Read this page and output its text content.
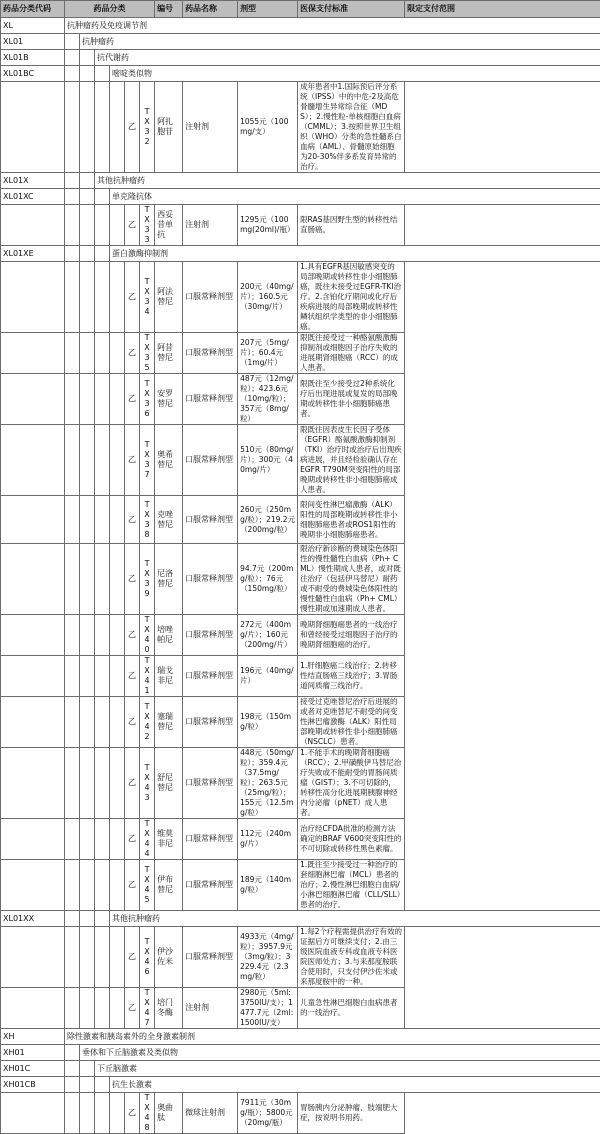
药品分类代码	药品分类						编号	药品名称	剂型	医保支付标准	限定支付范围
XL	抗肿瘤药及免疫调节剂										
XL01		抗肿瘤药									
XL01B			抗代谢药								
XL01BC				嘧啶类似物							
					乙	TX32	阿扎胞苷	注射剂	1055元（100mg/支）	成年患者中1.国际预后评分系统（IPSS）中的中危-2及高危骨髓增生异常综合征（MDS）；2.慢性粒-单核细胞白血病（CMML）；3.按照世界卫生组织（WHO）分类的急性髓系白血病（AML）、骨髓原始细胞为20-30%伴多系发育异常的治疗。	
XL01X			其他抗肿瘤药								
XL01XC				单克隆抗体							
					乙	TX33	西妥昔单抗	注射剂	1295元（100mg(20ml)/瓶）	限RAS基因野生型的转移性结直肠癌。	
XL01XE				蛋白激酶抑制剂							
					乙	TX34	阿法替尼	口服常释剂型	200元（40mg/片）；160.5元（30mg/片）	1.具有EGFR基因敏感突变的局部晚期或转移性非小细胞肺癌，既往未接受过EGFR-TKI治疗。2.含铂化疗期间或化疗后疾病进展的局部晚期或转移性鳞状组织学类型的非小细胞肺癌。	
					乙	TX35	阿昔替尼	口服常释剂型	207元（5mg/片）；60.4元（1mg/片）	限既往接受过一种酪氨酸激酶抑制剂或细胞因子治疗失败的进展期肾细胞癌（RCC）的成人患者。	
					乙	TX36	安罗替尼	口服常释剂型	487元（12mg/粒）；423.6元（10mg/粒）；357元（8mg/粒）	限既往至少接受过2种系统化疗后出现进展或复发的局部晚期或转移性非小细胞肺癌患者。	
					乙	TX37	奥希替尼	口服常释剂型	510元（80mg/片）；300元（40mg/片）	限既往因表皮生长因子受体（EGFR）酪氨酸激酶抑制剂（TKI）治疗时或治疗后出现疾病进展，并且经检验确认存在EGFR T790M突变阳性的局部晚期或转移性非小细胞肺癌成人患者。	
					乙	TX38	克唑替尼	口服常释剂型	260元（250mg/粒）；219.2元（200mg/粒）	限间变性淋巴瘤激酶（ALK）阳性的局部晚期或转移性非小细胞肺癌患者或ROS1阳性的晚期非小细胞肺癌患者。	
					乙	TX39	尼洛替尼	口服常释剂型	94.7元（200mg/粒）；76元（150mg/粒）	限治疗新诊断的费城染色体阳性的慢性髓性白血病（Ph+ CML）慢性期成人患者，或对既往治疗（包括伊马替尼）耐药或不耐受的费城染色体阳性的慢性髓性白血病（Ph+ CML）慢性期或加速期成人患者。	
					乙	TX40	培唑帕尼	口服常释剂型	272元（400mg/片）；160元（200mg/片）	晚期肾细胞癌患者的一线治疗和曾经接受过细胞因子治疗的晚期肾细胞癌的治疗。	
					乙	TX41	瑞戈非尼	口服常释剂型	196元（40mg/片）	1.肝细胞癌二线治疗；2.转移性结直肠癌三线治疗；3.胃肠道间质瘤三线治疗。	
					乙	TX42	塞瑞替尼	口服常释剂型	198元（150mg/粒）	接受过克唑替尼治疗后进展的或者对克唑替尼不耐受的间变性淋巴瘤激酶（ALK）阳性局部晚期或转移性非小细胞肺癌（NSCLC）患者。	
					乙	TX43	舒尼替尼	口服常释剂型	448元（50mg/粒）；359.4元（37.5mg/粒）；263.5元（25mg/粒）；155元（12.5mg/粒）	1.不能手术的晚期肾细胞癌（RCC）；2.甲磺酸伊马替尼治疗失败或不能耐受的胃肠间质瘤（GIST）；3.不可切除的，转移性高分化进展期胰腺神经内分泌瘤（pNET）成人患者。	
					乙	TX44	维莫非尼	口服常释剂型	112元（240mg/片）	治疗经CFDA批准的检测方法确定的BRAF V600突变阳性的不可切除或转移性黑色素瘤。	
					乙	TX45	伊布替尼	口服常释剂型	189元（140mg/粒）	1.既往至少接受过一种治疗的套细胞淋巴瘤（MCL）患者的治疗；2.慢性淋巴细胞白血病/小淋巴细胞淋巴瘤（CLL/SLL）患者的治疗。	
XL01XX				其他抗肿瘤药							
					乙	TX46	伊沙佐米	口服常释剂型	4933元（4mg/粒）；3957.9元（3mg/粒）；3229.4元（2.3mg/粒）	1.每2个疗程需提供治疗有效的证据后方可继续支付；2.由三级医院血液专科或血液专科医院医师处方；3.与来那度胺联合使用时，只支付伊沙佐米或来那度胺中的一种。	
					乙	TX47	培门冬酶	注射剂	2980元（5ml:3750IU/支）；1477.7元（2ml:1500IU/支）	儿童急性淋巴细胞白血病患者的一线治疗。	
XH	除性激素和胰岛素外的全身激素制剂										
XH01		垂体和下丘脑激素及类似物									
XH01C			下丘脑激素								
XH01CB				抗生长激素							
					乙	TX48	奥曲肽	微球注射剂	7911元（30mg/瓶）；5800元（20mg/瓶）	胃肠胰内分泌肿瘤、肢端肥大症，按说明书用药。	
